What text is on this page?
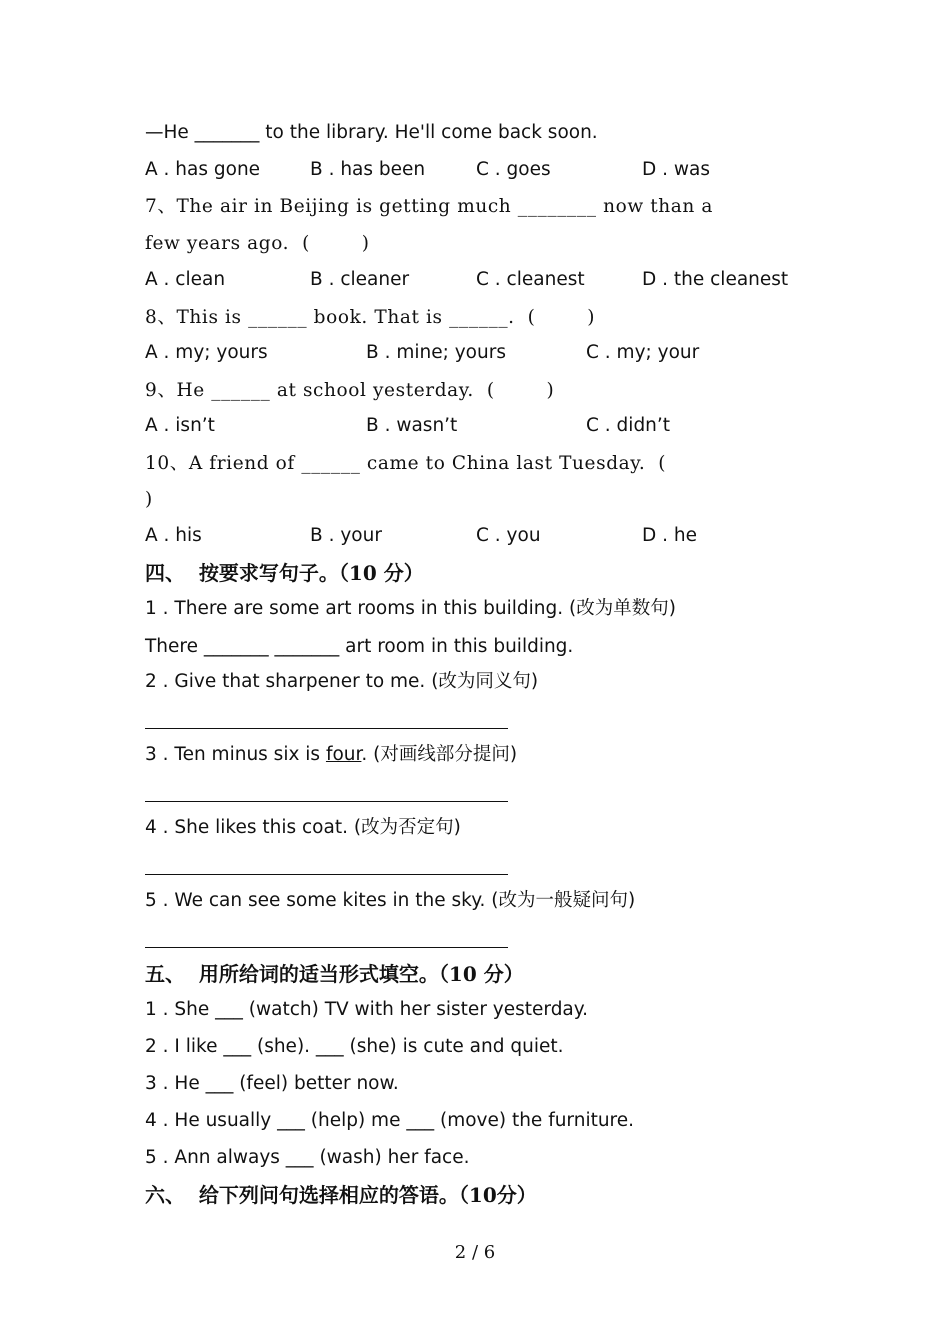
—He _______ to the library. He'll come back soon.
A . has gone	B . has been	C . goes	D . was
7、The air in Beijing is getting much ________ now than a
few years ago.  (        )
A . clean	B . cleaner	C . cleanest	D . the cleanest
8、This is ______ book. That is ______.  (        )
A . my; yours	B . mine; yours	C . my; your
9、He ______ at school yesterday.  (        )
A . isn’t	B . wasn’t	C . didn’t
10、A friend of ______ came to China last Tuesday.  (
)
A . his	B . your	C . you	D . he
四、  按要求写句子。（10 分）
1 . There are some art rooms in this building. (改为单数句)
There _______ _______ art room in this building.
2 . Give that sharpener to me. (改为同义句)
3 . Ten minus six is four. (对画线部分提问)
4 . She likes this coat. (改为否定句)
5 . We can see some kites in the sky. (改为一般疑问句)
五、  用所给词的适当形式填空。（10 分）
1 . She ___ (watch) TV with her sister yesterday.
2 . I like ___ (she). ___ (she) is cute and quiet.
3 . He ___ (feel) better now.
4 . He usually ___ (help) me ___ (move) the furniture.
5 . Ann always ___ (wash) her face.
六、  给下列问句选择相应的答语。（10分）
2 / 6
